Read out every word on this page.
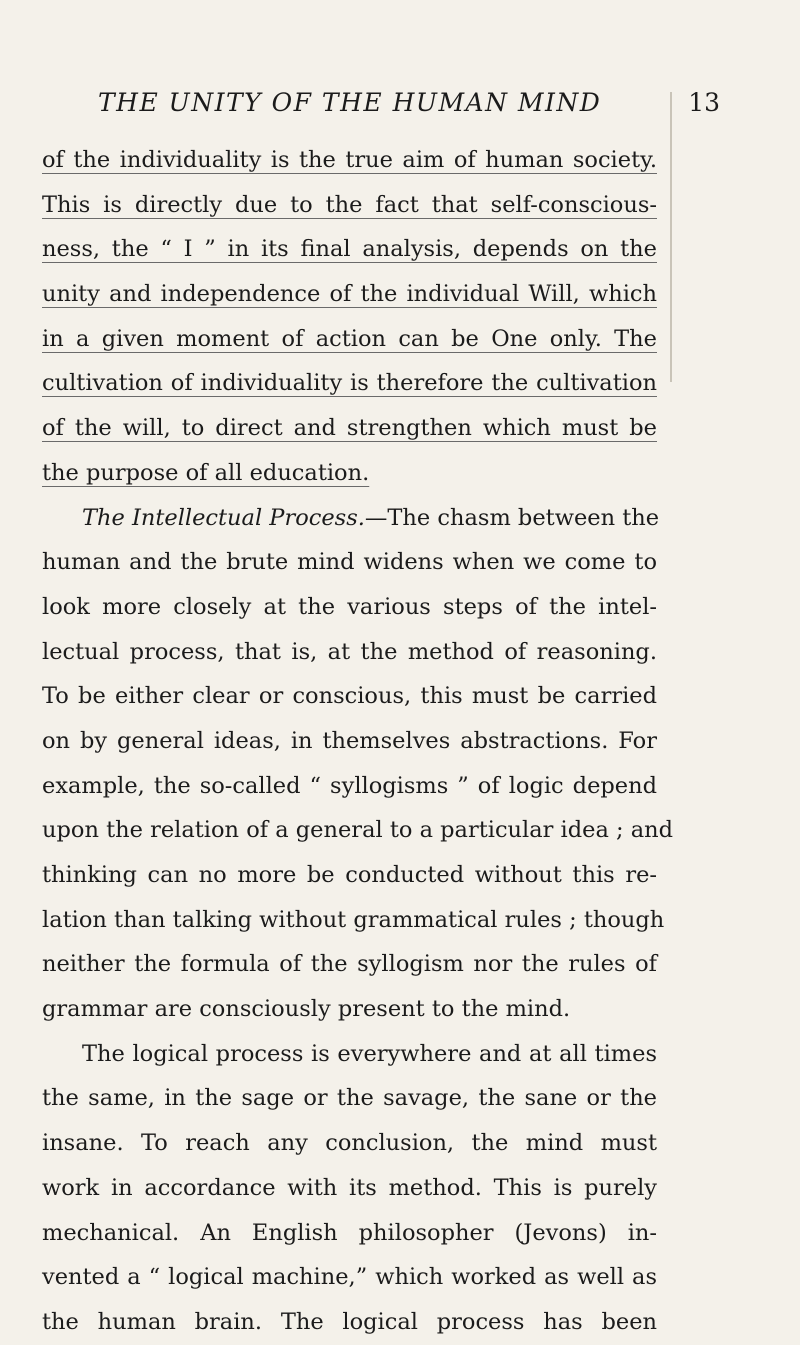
THE UNITY OF THE HUMAN MIND	13
of the individuality is the true aim of human society.
This is directly due to the fact that self-conscious-
ness, the “ I ” in its final analysis, depends on the
unity and independence of the individual Will, which
in a given moment of action can be One only. The
cultivation of individuality is therefore the cultivation
of the will, to direct and strengthen which must be
the purpose of all education.
The Intellectual Process.—The chasm between the
human and the brute mind widens when we come to
look more closely at the various steps of the intel-
lectual process, that is, at the method of reasoning.
To be either clear or conscious, this must be carried
on by general ideas, in themselves abstractions. For
example, the so-called “ syllogisms ” of logic depend
upon the relation of a general to a particular idea ; and
thinking can no more be conducted without this re-
lation than talking without grammatical rules ; though
neither the formula of the syllogism nor the rules of
grammar are consciously present to the mind.
The logical process is everywhere and at all times
the same, in the sage or the savage, the sane or the
insane. To reach any conclusion, the mind must
work in accordance with its method. This is purely
mechanical. An English philosopher (Jevons) in-
vented a “ logical machine,” which worked as well as
the human brain. The logical process has been
